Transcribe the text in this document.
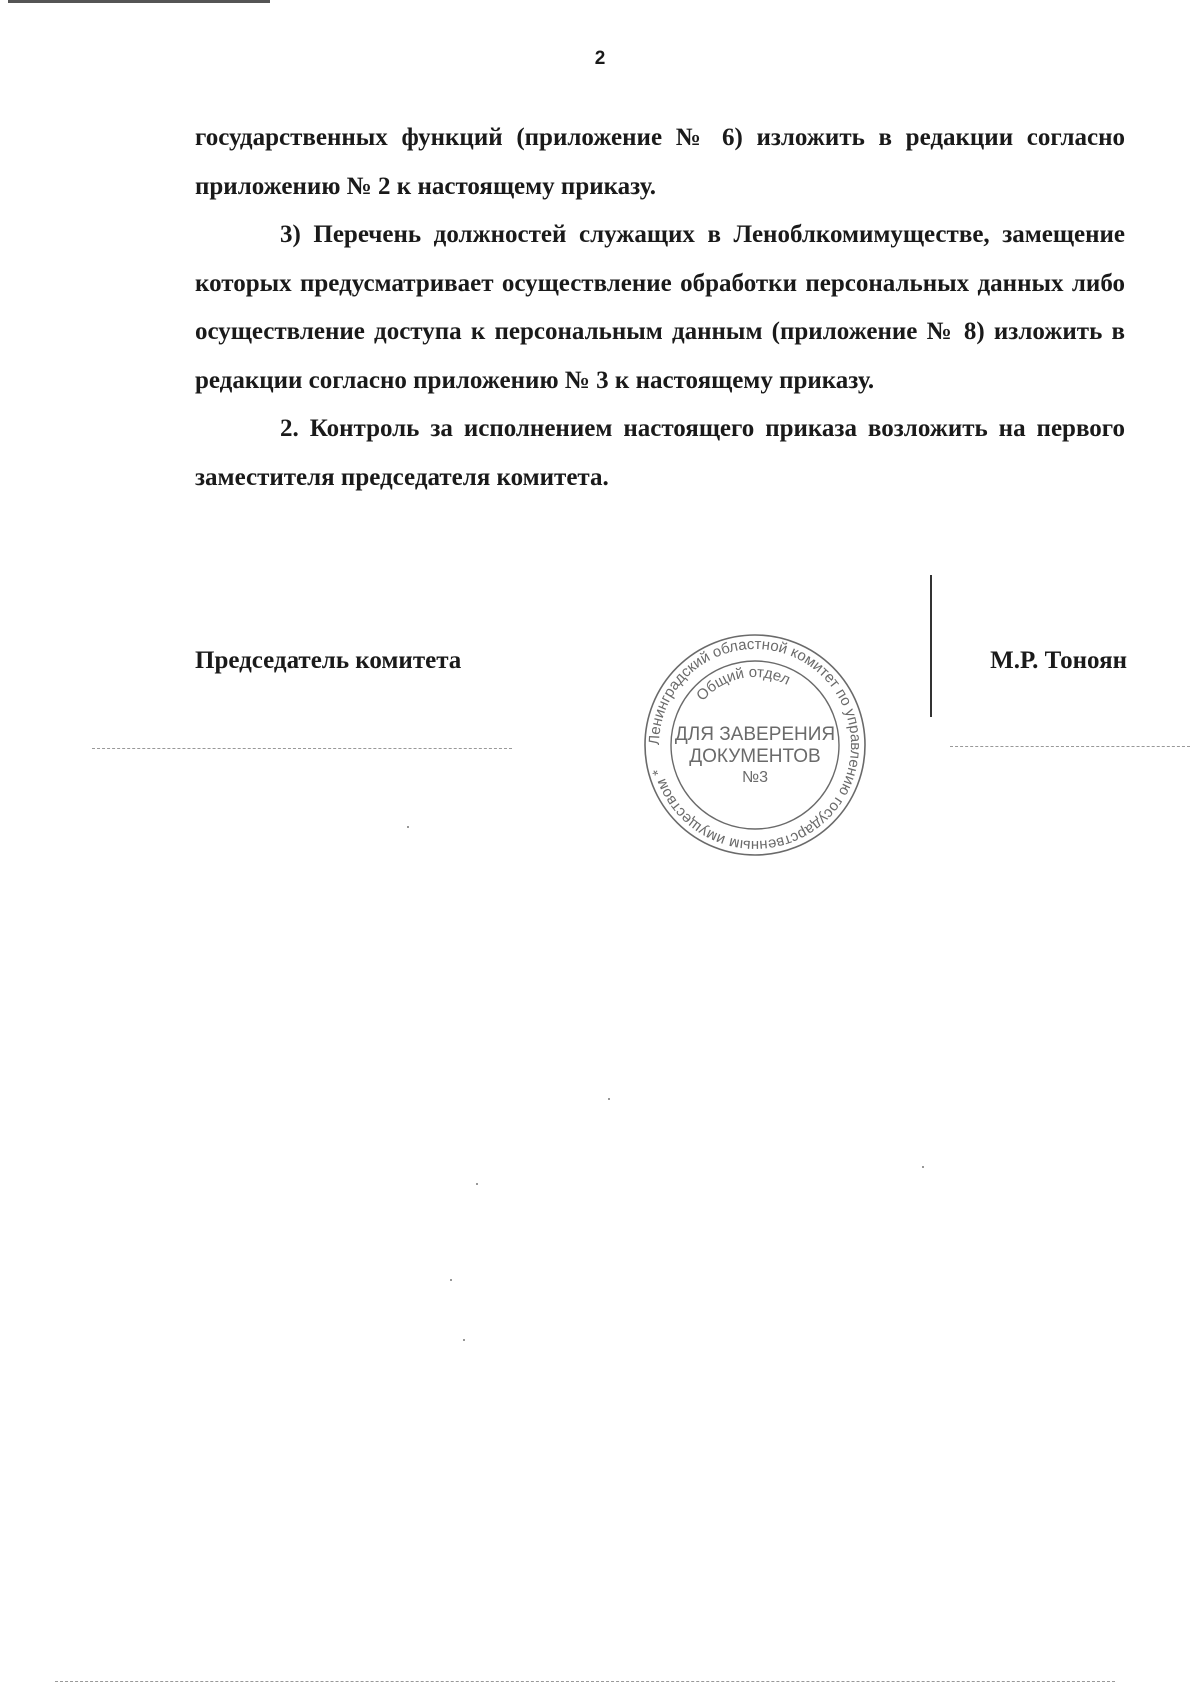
2

государственных функций (приложение № 6) изложить в редакции согласно приложению № 2 к настоящему приказу.

3) Перечень должностей служащих в Леноблкомимуществе, замещение которых предусматривает осуществление обработки персональных данных либо осуществление доступа к персональным данным (приложение № 8) изложить в редакции согласно приложению № 3 к настоящему приказу.

2. Контроль за исполнением настоящего приказа возложить на первого заместителя председателя комитета.

Председатель комитета	М.Р. Тоноян
Ленинградский областной комитет по управлению государственным имуществом *
Общий отдел
ДЛЯ ЗАВЕРЕНИЯ
ДОКУМЕНТОВ
№3
